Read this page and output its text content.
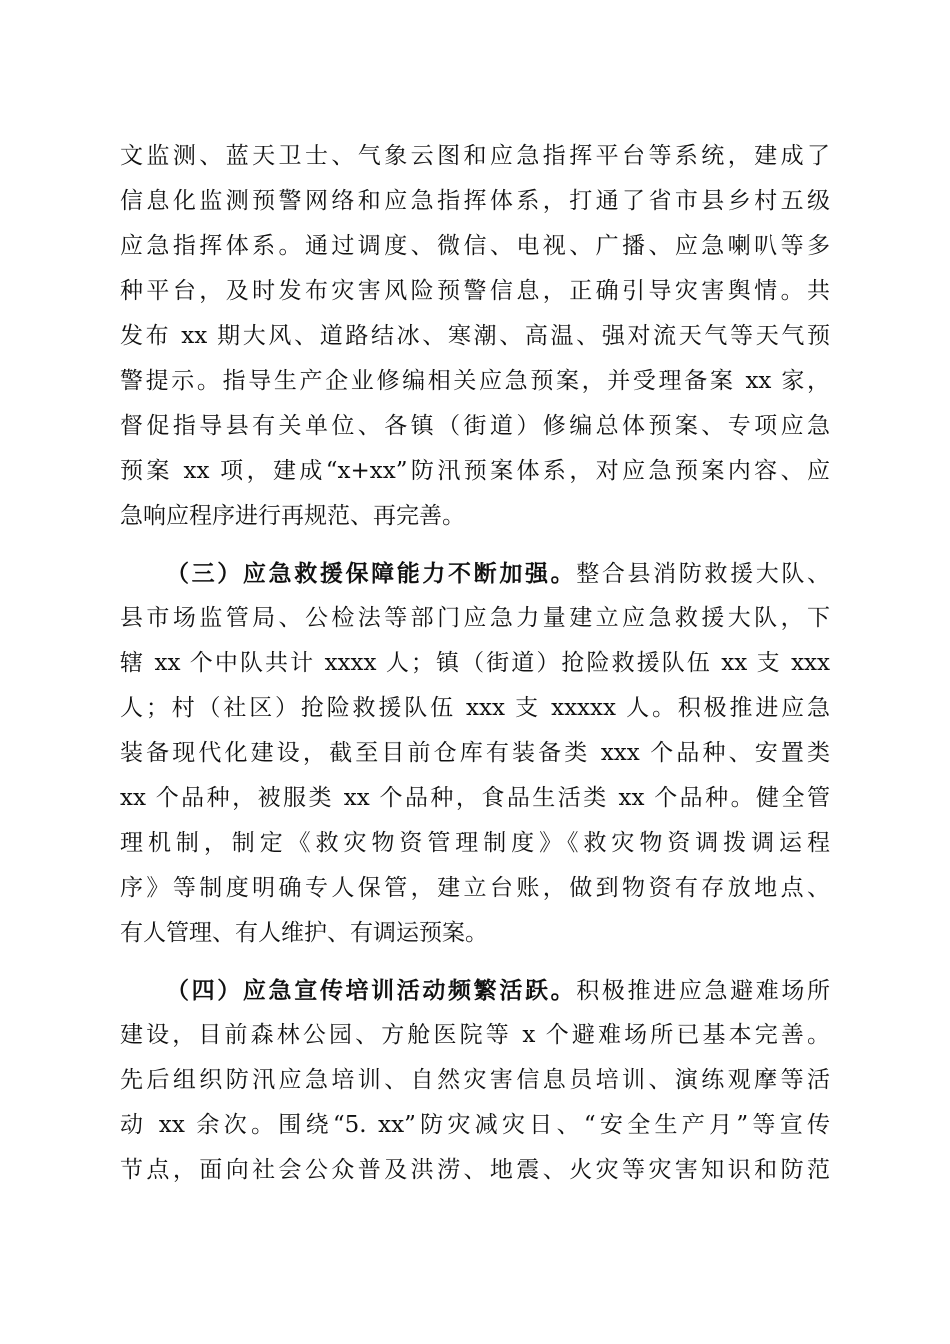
文监测、蓝天卫士、气象云图和应急指挥平台等系统，建成了
信息化监测预警网络和应急指挥体系，打通了省市县乡村五级
应急指挥体系。通过调度、微信、电视、广播、应急喇叭等多
种平台，及时发布灾害风险预警信息，正确引导灾害舆情。共
发布 xx 期大风、道路结冰、寒潮、高温、强对流天气等天气预
警提示。指导生产企业修编相关应急预案，并受理备案 xx 家，
督促指导县有关单位、各镇（街道）修编总体预案、专项应急
预案 xx 项，建成“x+xx”防汛预案体系，对应急预案内容、应
急响应程序进行再规范、再完善。
（三）应急救援保障能力不断加强。整合县消防救援大队、
县市场监管局、公检法等部门应急力量建立应急救援大队，下
辖 xx 个中队共计 xxxx 人；镇（街道）抢险救援队伍 xx 支 xxx
人；村（社区）抢险救援队伍 xxx 支 xxxxx 人。积极推进应急
装备现代化建设，截至目前仓库有装备类 xxx 个品种、安置类
xx 个品种，被服类 xx 个品种，食品生活类 xx 个品种。健全管
理机制，制定《救灾物资管理制度》《救灾物资调拨调运程
序》等制度明确专人保管，建立台账，做到物资有存放地点、
有人管理、有人维护、有调运预案。
（四）应急宣传培训活动频繁活跃。积极推进应急避难场所
建设，目前森林公园、方舱医院等 x 个避难场所已基本完善。
先后组织防汛应急培训、自然灾害信息员培训、演练观摩等活
动 xx 余次。围绕“5. xx”防灾减灾日、“安全生产月”等宣传
节点，面向社会公众普及洪涝、地震、火灾等灾害知识和防范
